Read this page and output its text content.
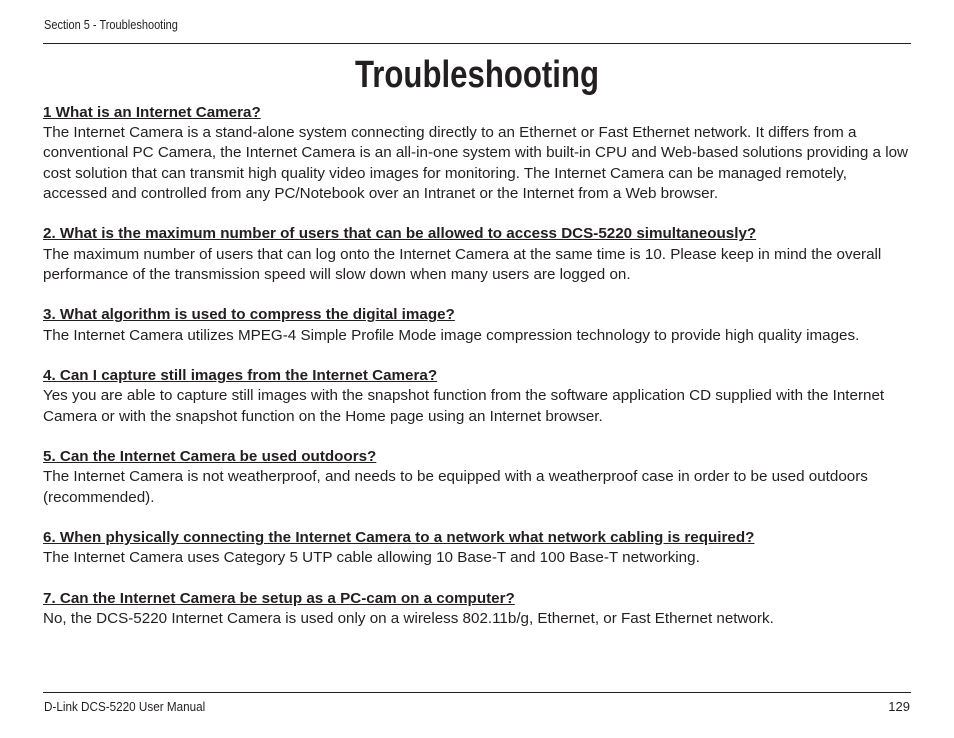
Section 5 - Troubleshooting
Troubleshooting
1 What is an Internet Camera?

The Internet Camera is a stand-alone system connecting directly to an Ethernet or Fast Ethernet network. It differs from a conventional PC Camera, the Internet Camera is an all-in-one system with built-in CPU and Web-based solutions providing a low cost solution that can transmit high quality video images for monitoring. The Internet Camera can be managed remotely, accessed and controlled from any PC/Notebook over an Intranet or the Internet from a Web browser.

2. What is the maximum number of users that can be allowed to access DCS-5220 simultaneously?

The maximum number of users that can log onto the Internet Camera at the same time is 10. Please keep in mind the overall performance of the transmission speed will slow down when many users are logged on.

3. What algorithm is used to compress the digital image?

The Internet Camera utilizes MPEG-4 Simple Profile Mode image compression technology to provide high quality images.

4. Can I capture still images from the Internet Camera?

Yes you are able to capture still images with the snapshot function from the software application CD supplied with the Internet Camera or with the snapshot function on the Home page using an Internet browser.

5. Can the Internet Camera be used outdoors?

The Internet Camera is not weatherproof, and needs to be equipped with a weatherproof case in order to be used outdoors (recommended).

6. When physically connecting the Internet Camera to a network what network cabling is required?

The Internet Camera uses Category 5 UTP cable allowing 10 Base-T and 100 Base-T networking.

7. Can the Internet Camera be setup as a PC-cam on a computer?

No, the DCS-5220 Internet Camera is used only on a wireless 802.11b/g, Ethernet, or Fast Ethernet network.

D-Link DCS-5220 User Manual	129
